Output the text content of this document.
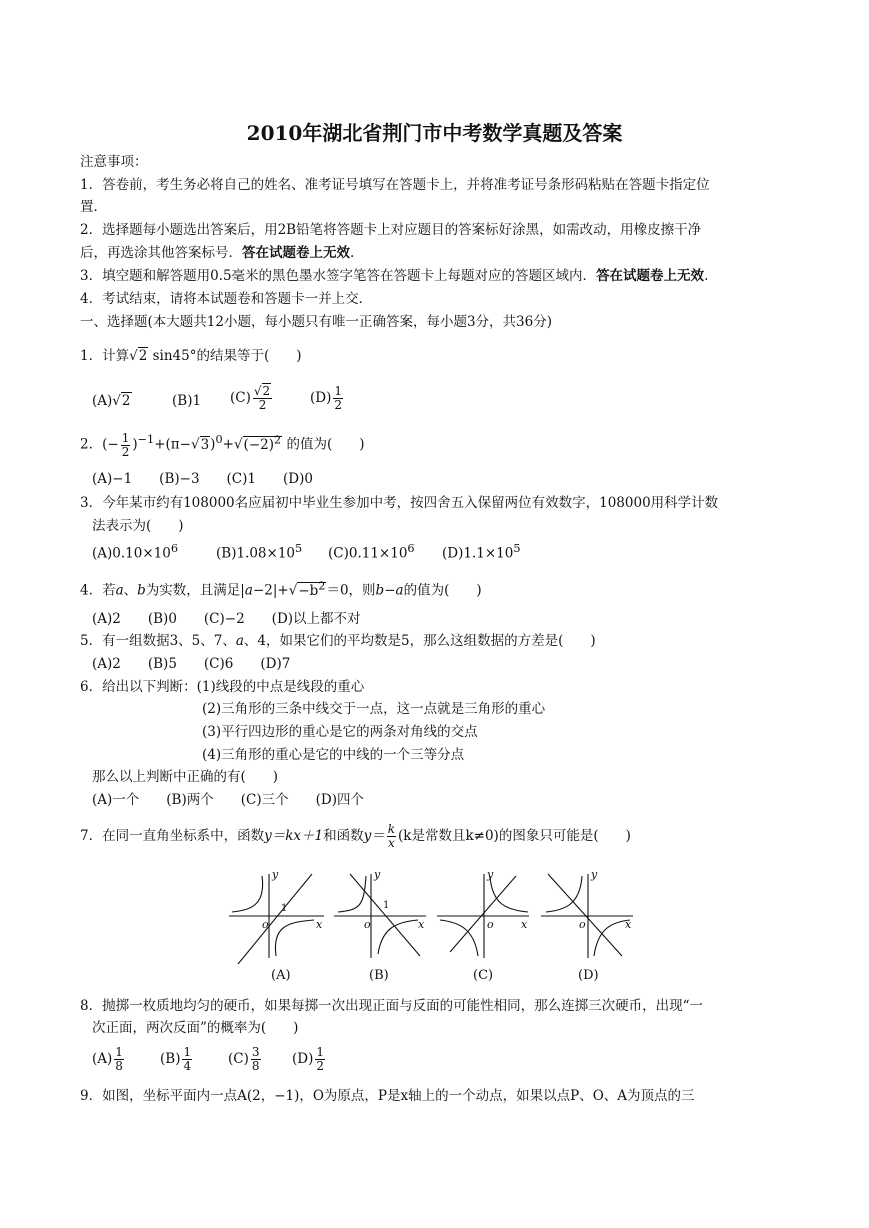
2010年湖北省荆门市中考数学真题及答案
注意事项：
1．答卷前，考生务必将自己的姓名、准考证号填写在答题卡上，并将准考证号条形码粘贴在答题卡指定位
置．
2．选择题每小题选出答案后，用2B铅笔将答题卡上对应题目的答案标好涂黑，如需改动，用橡皮擦干净
后，再选涂其他答案标号．答在试题卷上无效.
3．填空题和解答题用0.5毫米的黑色墨水签字笔答在答题卡上每题对应的答题区域内．答在试题卷上无效.
4．考试结束，请将本试题卷和答题卡一并上交．
一、选择题(本大题共12小题，每小题只有唯一正确答案，每小题3分，共36分)
1．计算√2 sin45°的结果等于(　　)
(A)√2	(B)1 $(C) \frac{√2}{2}$	$(D) \frac{1}{2}$
2．(− $\frac{1}{2} )^{-1}+(\pi-√3)^0+√(-2)^2$ 的值为(　　)
(A)−1　　(B)−3　　(C)1　　(D)0
3．今年某市约有108000名应届初中毕业生参加中考，按四舍五入保留两位有效数字，108000用科学计数
法表示为(　　)
$(A)0.10\times 10^6$	$(B)1.08\times 10^5$ $(C)0.11\times 10^6$ $(D)1.1\times 10^5$
4．若a、b为实数，且满足$|a-2|+√-b^2=0$，则b−a的值为(　　)
(A)2　　(B)0　　(C)−2　　(D)以上都不对
5．有一组数据3、5、7、a、4，如果它们的平均数是5，那么这组数据的方差是(　　)
(A)2　　(B)5　　(C)6　　(D)7
6．给出以下判断：(1)线段的中点是线段的重心
(2)三角形的三条中线交于一点，这一点就是三角形的重心
(3)平行四边形的重心是它的两条对角线的交点
(4)三角形的重心是它的中线的一个三等分点
那么以上判断中正确的有(　　)
(A)一个　　(B)两个　　(C)三个　　(D)四个
7．在同一直角坐标系中，函数y＝kx＋1和函数$y= \frac{k}{x} (k$是常数且k≠0)的图象只可能是(　　)
y
x
o
y
x
o
y
x
o
y
x
o
1	1
(A)	(B)	(C)	(D)
8．抛掷一枚质地均匀的硬币，如果每掷一次出现正面与反面的可能性相同，那么连掷三次硬币，出现“一
次正面，两次反面”的概率为(　　)
$(A) \frac{1}{8}$	$(B) \frac{1}{4}$	$(C) \frac{3}{8} (D) \frac{1}{2}$
9．如图，坐标平面内一点A(2，−1)，O为原点，P是x轴上的一个动点，如果以点P、O、A为顶点的三
